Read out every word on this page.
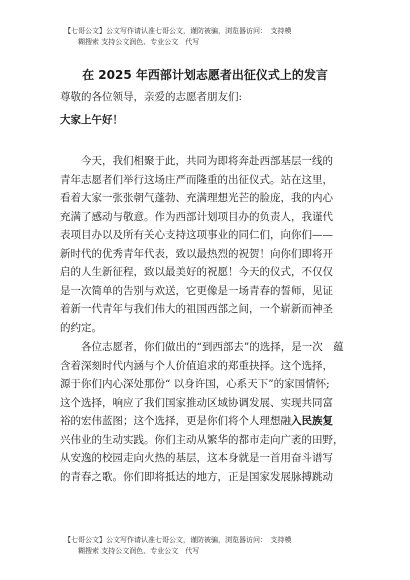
【七哥公文】公文写作请认准七哥公文，谨防被骗，浏览器访问：　支持模
糊搜索 支持公文润色、专业公文　代写
在 2025 年西部计划志愿者出征仪式上的发言
尊敬的各位领导，亲爱的志愿者朋友们:
大家上午好！
今天，我们相聚于此，共同为即将奔赴西部基层一线的
青年志愿者们举行这场庄严而隆重的出征仪式。站在这里，
看着大家一张张朝气蓬勃、充满理想光芒的脸庞，我的内心
充满了感动与敬意。作为西部计划项目办的负责人，我谨代
表项目办以及所有关心支持这项事业的同仁们，向你们——
新时代的优秀青年代表，致以最热烈的祝贺！向你们即将开
启的人生新征程，致以最美好的祝愿！今天的仪式，不仅仅
是一次简单的告别与欢送，它更像是一场青春的誓师，见证
着新一代青年与我们伟大的祖国西部之间，一个崭新而神圣
的约定。
各位志愿者，你们做出的“到西部去”的选择，是一次　蕴
含着深刻时代内涵与个人价值追求的郑重抉择。这个选择，
源于你们内心深处那份“ 以身许国，心系天下”的家国情怀;
这个选择，响应了我们国家推动区域协调发展、实现共同富
裕的宏伟蓝图；这个选择，更是你们将个人理想融入民族复
兴伟业的生动实践。你们主动从繁华的都市走向广袤的田野，
从安逸的校园走向火热的基层，这本身就是一首用奋斗谱写
的青春之歌。你们即将抵达的地方，正是国家发展脉搏跳动
【七哥公文】公文写作请认准七哥公文，谨防被骗，浏览器访问：　支持模
糊搜索 支持公文润色、专业公文　代写
